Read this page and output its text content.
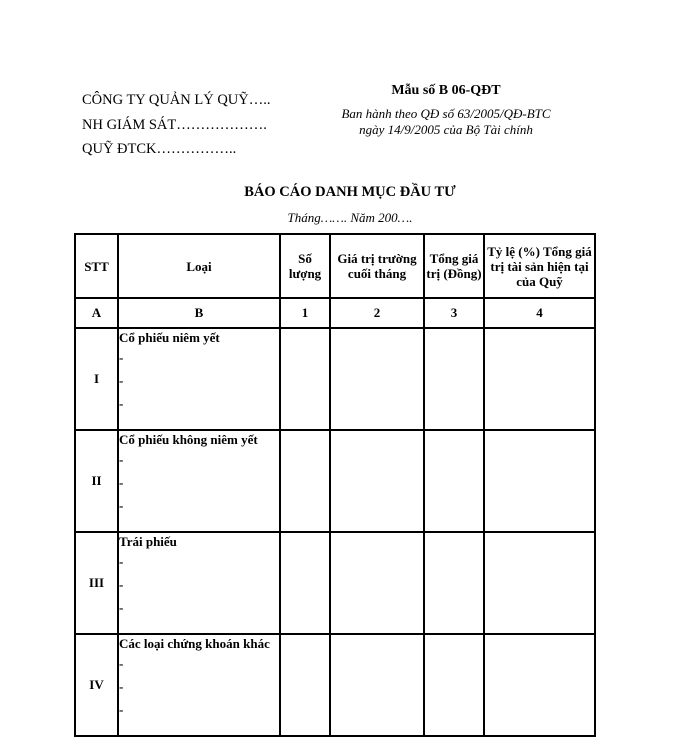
CÔNG TY QUẢN LÝ QUỸ…..
NH GIÁM SÁT……………….
QUỸ ĐTCK……………..
Mẫu số B 06-QĐT
Ban hành theo QĐ số 63/2005/QĐ-BTC
ngày 14/9/2005 của Bộ Tài chính
BÁO CÁO DANH MỤC ĐẦU TƯ
Tháng……. Năm 200….
STT	Loại	Số lượng	Giá trị trường cuối tháng	Tổng giá trị (Đồng)	Tỷ lệ (%) Tổng giá trị tài sản hiện tại của Quỹ
A	B	1	2	3	4
I	Cổ phiếu niêm yết
-
-
-				

II	Cổ phiếu không niêm yết
-
-
-				

III	Trái phiếu
-
-
-				

IV	Các loại chứng khoán khác
-
-
-				
